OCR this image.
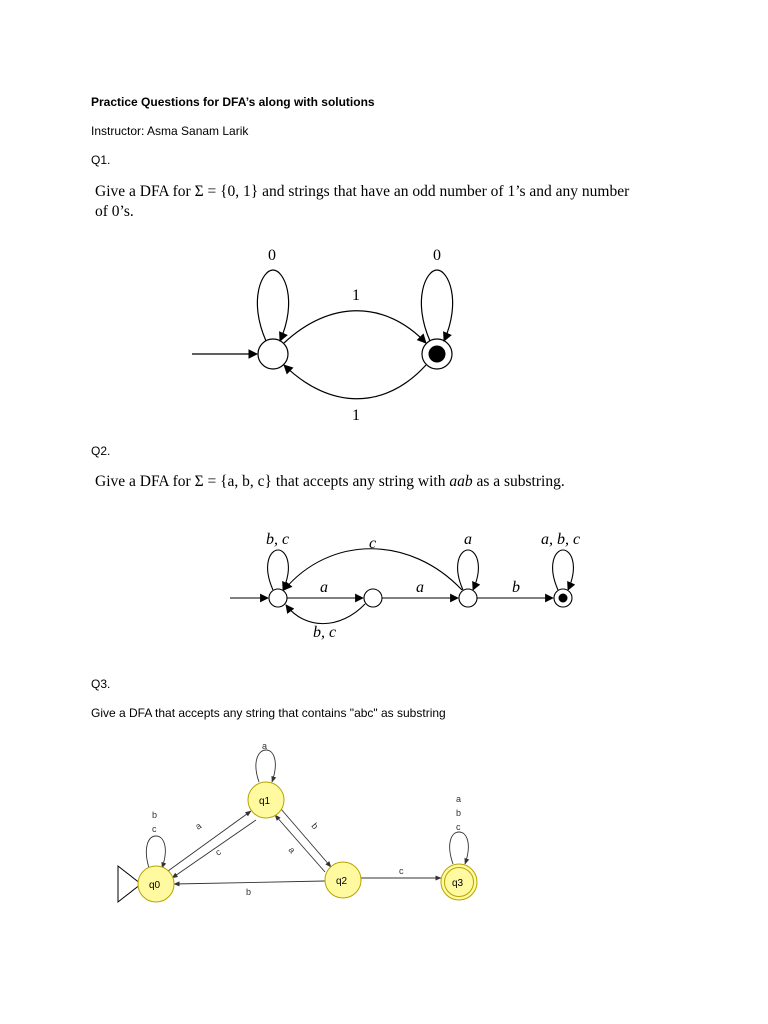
Practice Questions for DFA’s along with solutions
Instructor: Asma Sanam Larik
Q1.
Give a DFA for Σ = {0, 1} and strings that have an odd number of 1’s and any number
of 0’s.
0	0
1
1
b, c	c	a	a, b, c
a	a	b
b, c
q0
q1
q2	q3
a
b
c
a
b
c
a
c
b
a
b
c
Q2.
Give a DFA for Σ = {a, b, c} that accepts any string with aab as a substring.
Q3.
Give a DFA that accepts any string that contains "abc" as substring
